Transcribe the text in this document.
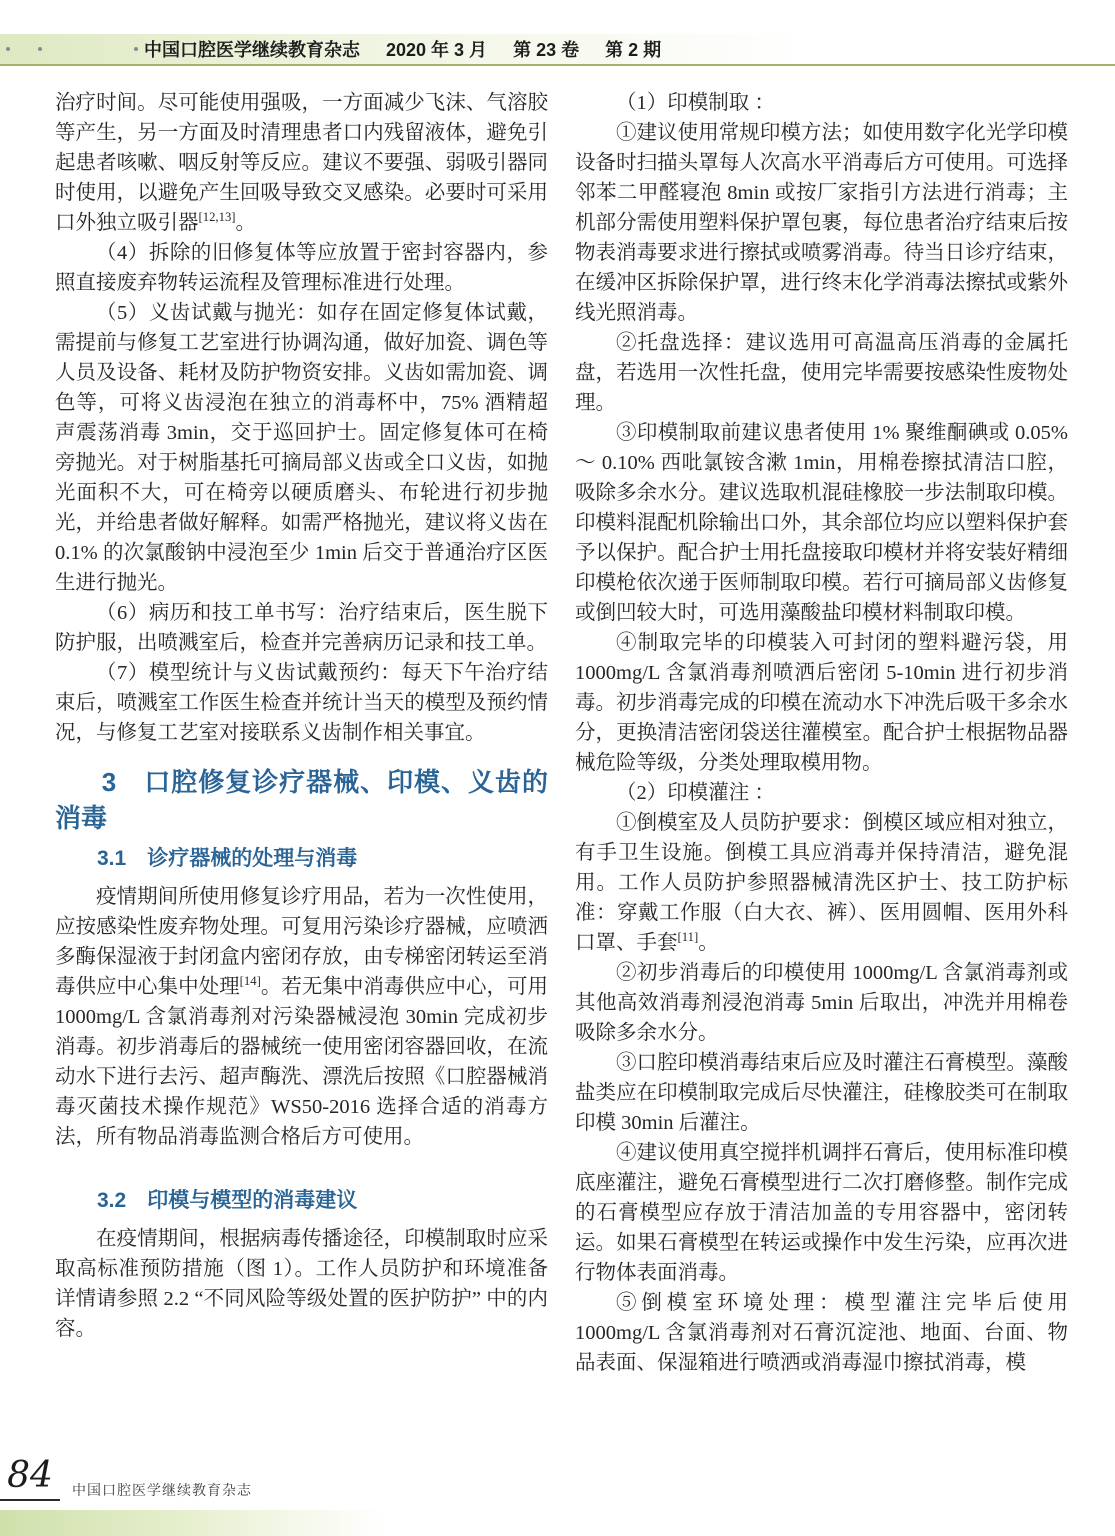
中国口腔医学继续教育杂志 2020 年 3 月 第 23 卷 第 2 期

治疗时间。尽可能使用强吸，一方面减少飞沫、气溶胶等产生，另一方面及时清理患者口内残留液体，避免引起患者咳嗽、咽反射等反应。建议不要强、弱吸引器同时使用，以避免产生回吸导致交叉感染。必要时可采用口外独立吸引器[12,13]。

（4）拆除的旧修复体等应放置于密封容器内，参照直接废弃物转运流程及管理标准进行处理。

（5）义齿试戴与抛光：如存在固定修复体试戴，需提前与修复工艺室进行协调沟通，做好加瓷、调色等人员及设备、耗材及防护物资安排。义齿如需加瓷、调色等，可将义齿浸泡在独立的消毒杯中，75% 酒精超声震荡消毒 3min，交于巡回护士。固定修复体可在椅旁抛光。对于树脂基托可摘局部义齿或全口义齿，如抛光面积不大，可在椅旁以硬质磨头、布轮进行初步抛光，并给患者做好解释。如需严格抛光，建议将义齿在 0.1% 的次氯酸钠中浸泡至少 1min 后交于普通治疗区医生进行抛光。

（6）病历和技工单书写：治疗结束后，医生脱下防护服，出喷溅室后，检查并完善病历记录和技工单。

（7）模型统计与义齿试戴预约：每天下午治疗结束后，喷溅室工作医生检查并统计当天的模型及预约情况，与修复工艺室对接联系义齿制作相关事宜。

3　口腔修复诊疗器械、印模、义齿的消毒
3.1　诊疗器械的处理与消毒

疫情期间所使用修复诊疗用品，若为一次性使用，应按感染性废弃物处理。可复用污染诊疗器械，应喷洒多酶保湿液于封闭盒内密闭存放，由专梯密闭转运至消毒供应中心集中处理[14]。若无集中消毒供应中心，可用 1000mg/L 含氯消毒剂对污染器械浸泡 30min 完成初步消毒。初步消毒后的器械统一使用密闭容器回收，在流动水下进行去污、超声酶洗、漂洗后按照《口腔器械消毒灭菌技术操作规范》WS50-2016 选择合适的消毒方法，所有物品消毒监测合格后方可使用。

3.2　印模与模型的消毒建议

在疫情期间，根据病毒传播途径，印模制取时应采取高标准预防措施（图 1）。工作人员防护和环境准备详情请参照 2.2 “不同风险等级处置的医护防护” 中的内容。

（1）印模制取 ：

①建议使用常规印模方法；如使用数字化光学印模设备时扫描头罩每人次高水平消毒后方可使用。可选择邻苯二甲醛寝泡 8min 或按厂家指引方法进行消毒；主机部分需使用塑料保护罩包裹，每位患者治疗结束后按物表消毒要求进行擦拭或喷雾消毒。待当日诊疗结束，在缓冲区拆除保护罩，进行终末化学消毒法擦拭或紫外线光照消毒。

②托盘选择：建议选用可高温高压消毒的金属托盘，若选用一次性托盘，使用完毕需要按感染性废物处理。

③印模制取前建议患者使用 1% 聚维酮碘或 0.05% ～ 0.10% 西吡氯铵含漱 1min，用棉卷擦拭清洁口腔，吸除多余水分。建议选取机混硅橡胶一步法制取印模。印模料混配机除输出口外，其余部位均应以塑料保护套予以保护。配合护士用托盘接取印模材并将安装好精细印模枪依次递于医师制取印模。若行可摘局部义齿修复或倒凹较大时，可选用藻酸盐印模材料制取印模。

④制取完毕的印模装入可封闭的塑料避污袋，用 1000mg/L 含氯消毒剂喷洒后密闭 5-10min 进行初步消毒。初步消毒完成的印模在流动水下冲洗后吸干多余水分，更换清洁密闭袋送往灌模室。配合护士根据物品器械危险等级，分类处理取模用物。

（2）印模灌注 ：

①倒模室及人员防护要求：倒模区域应相对独立，有手卫生设施。倒模工具应消毒并保持清洁，避免混用。工作人员防护参照器械清洗区护士、技工防护标准：穿戴工作服（白大衣、裤）、医用圆帽、医用外科口罩、手套[11]。

②初步消毒后的印模使用 1000mg/L 含氯消毒剂或其他高效消毒剂浸泡消毒 5min 后取出，冲洗并用棉卷吸除多余水分。

③口腔印模消毒结束后应及时灌注石膏模型。藻酸盐类应在印模制取完成后尽快灌注，硅橡胶类可在制取印模 30min 后灌注。

④建议使用真空搅拌机调拌石膏后，使用标准印模底座灌注，避免石膏模型进行二次打磨修整。制作完成的石膏模型应存放于清洁加盖的专用容器中，密闭转运。如果石膏模型在转运或操作中发生污染，应再次进行物体表面消毒。

⑤倒模室环境处理：模型灌注完毕后使用 1000mg/L 含氯消毒剂对石膏沉淀池、地面、台面、物品表面、保湿箱进行喷洒或消毒湿巾擦拭消毒，模

84	中国口腔医学继续教育杂志
